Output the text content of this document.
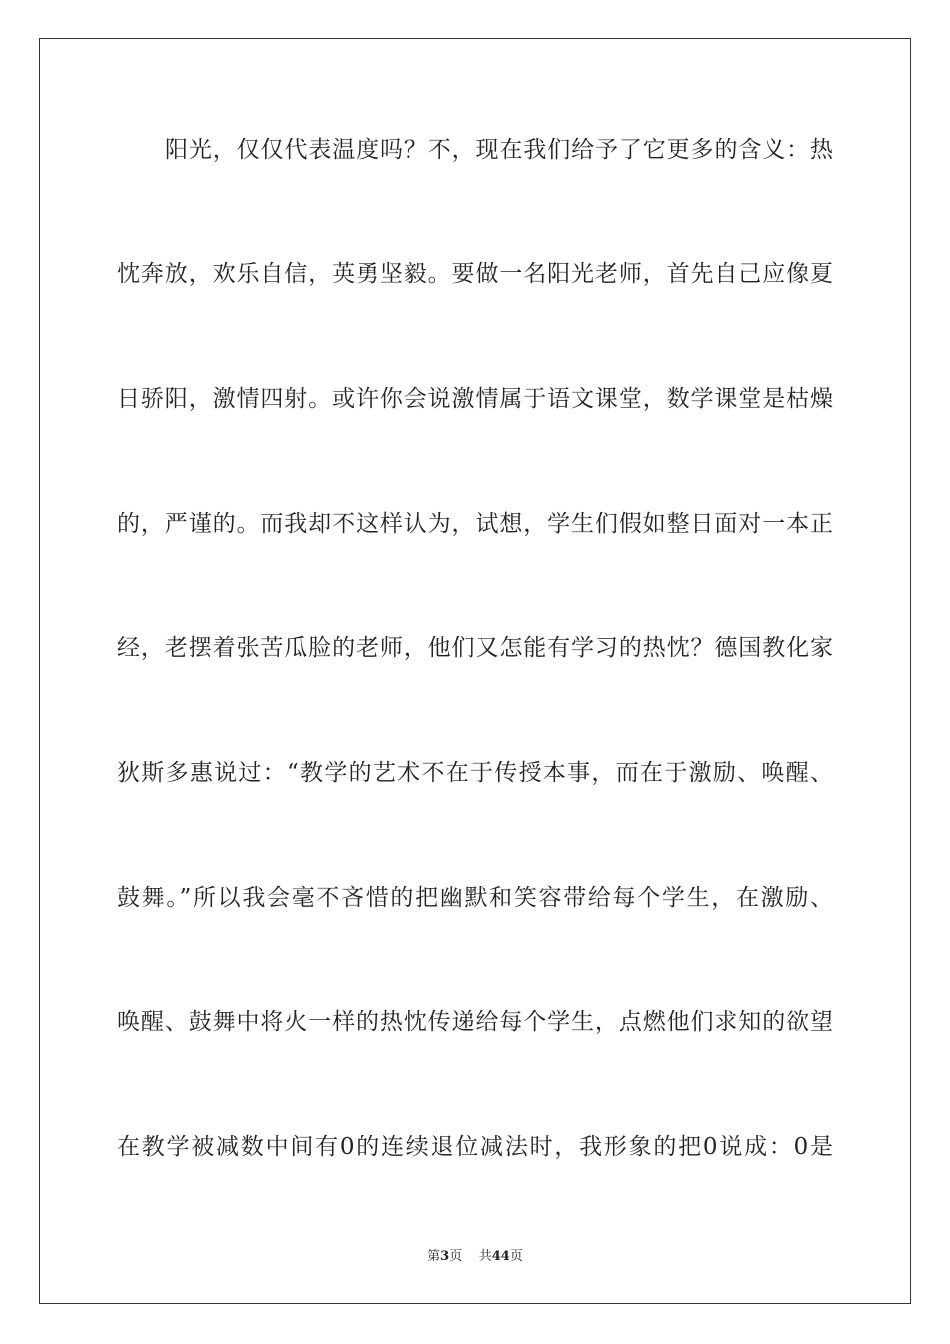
阳光，仅仅代表温度吗？不，现在我们给予了它更多的含义：热
忱奔放，欢乐自信，英勇坚毅。要做一名阳光老师，首先自己应像夏
日骄阳，激情四射。或许你会说激情属于语文课堂，数学课堂是枯燥
的，严谨的。而我却不这样认为，试想，学生们假如整日面对一本正
经，老摆着张苦瓜脸的老师，他们又怎能有学习的热忱？德国教化家
狄斯多惠说过：“教学的艺术不在于传授本事，而在于激励、唤醒、
鼓舞。”所以我会毫不吝惜的把幽默和笑容带给每个学生，在激励、
唤醒、鼓舞中将火一样的热忱传递给每个学生，点燃他们求知的欲望
在教学被减数中间有0的连续退位减法时，我形象的把0说成：0是
第3页 共44页
